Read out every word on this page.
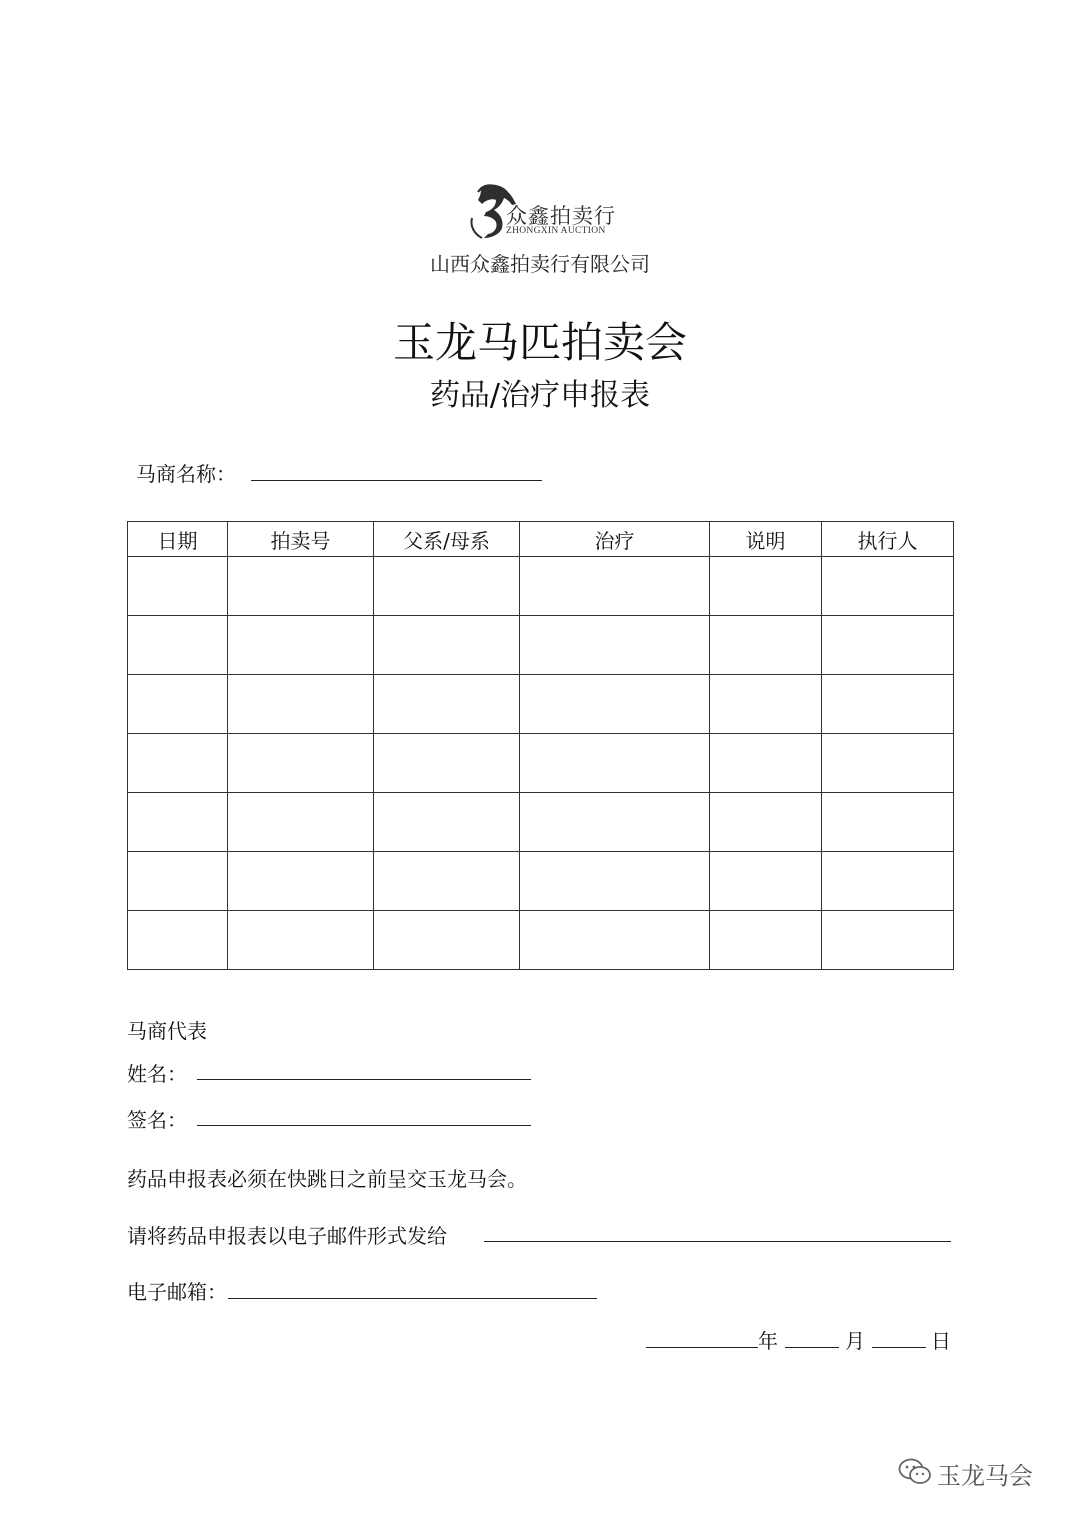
众鑫拍卖行
ZHONGXIN AUCTION
山西众鑫拍卖行有限公司
玉龙马匹拍卖会
药品/治疗申报表
马商名称：
日期	拍卖号	父系/母系	治疗	说明	执行人

马商代表
姓名：
签名：
药品申报表必须在快跳日之前呈交玉龙马会。
请将药品申报表以电子邮件形式发给
电子邮箱：
年	月	日
玉龙马会
